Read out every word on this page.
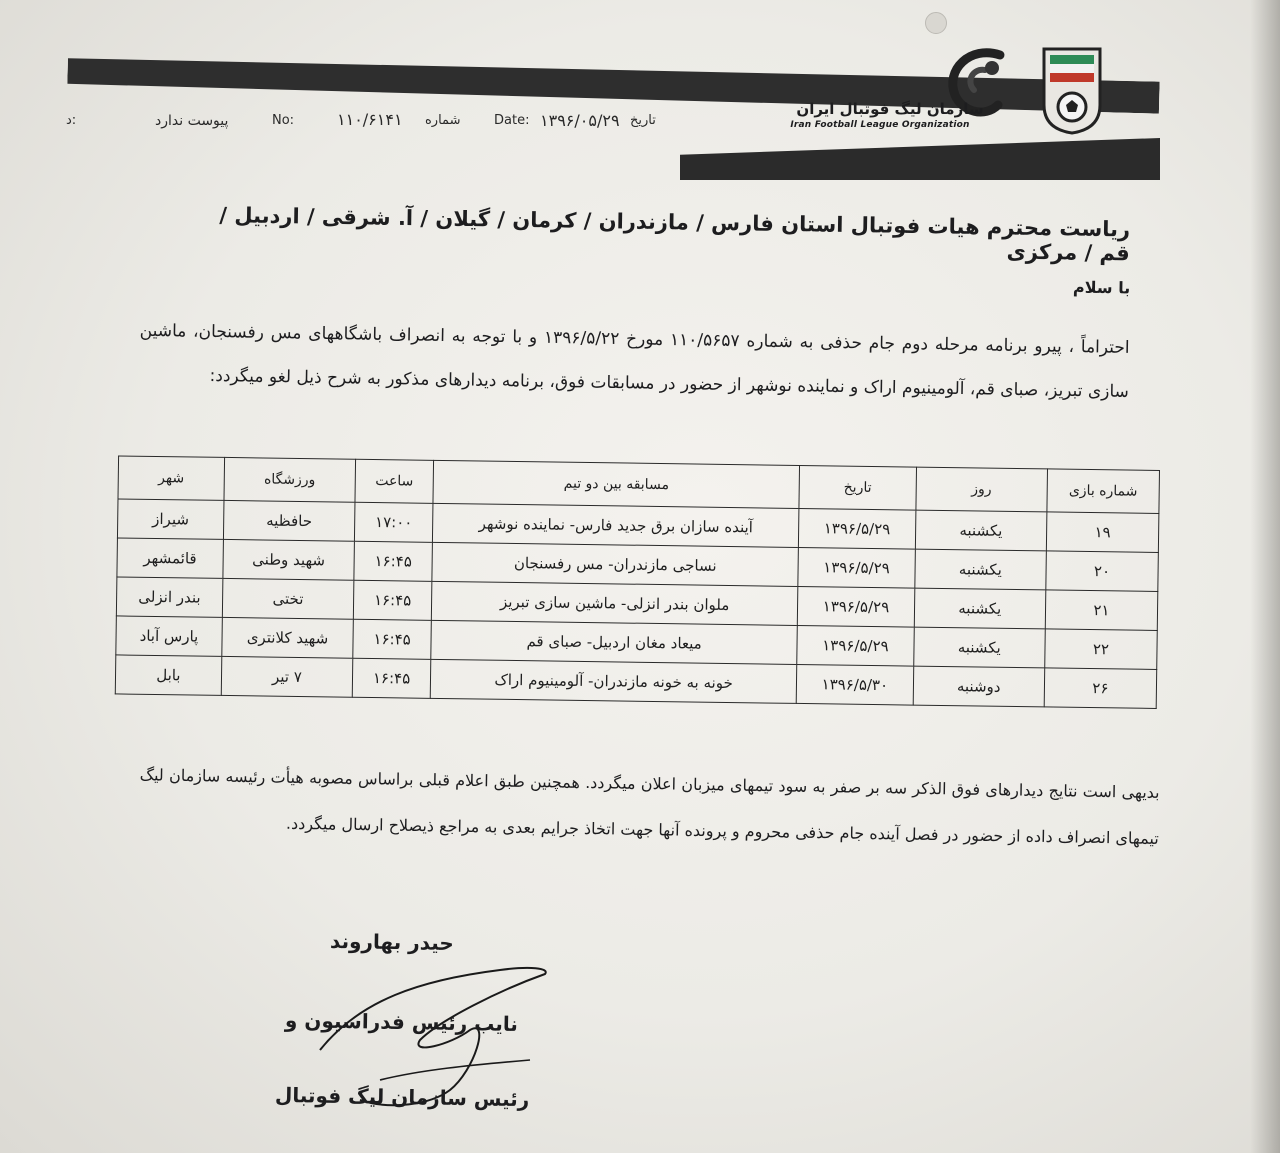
سازمان لیگ فوتبال ایران
Iran Football League Organization
تاریخ
۱۳۹۶/۰۵/۲۹
Date:
شماره
۱۱۰/۶۱۴۱
No:
پیوست ندارد
د:
ریاست محترم هیات فوتبال استان فارس / مازندران / کرمان / گیلان / آ. شرقی / اردبیل / قم / مرکزی
با سلام
احتراماً ، پیرو برنامه مرحله دوم جام حذفی به شماره ۱۱۰/۵۶۵۷ مورخ ۱۳۹۶/۵/۲۲ و با توجه به انصراف باشگاههای مس رفسنجان، ماشین سازی تبریز، صبای قم، آلومینیوم اراک و نماینده نوشهر از حضور در مسابقات فوق، برنامه دیدارهای مذکور به شرح ذیل لغو میگردد:
شماره بازی	روز	تاریخ	مسابقه بین دو تیم	ساعت	ورزشگاه	شهر
۱۹	یکشنبه	۱۳۹۶/۵/۲۹	آینده سازان برق جدید فارس- نماینده نوشهر	۱۷:۰۰	حافظیه	شیراز
۲۰	یکشنبه	۱۳۹۶/۵/۲۹	نساجی مازندران- مس رفسنجان	۱۶:۴۵	شهید وطنی	قائمشهر
۲۱	یکشنبه	۱۳۹۶/۵/۲۹	ملوان بندر انزلی- ماشین سازی تبریز	۱۶:۴۵	تختی	بندر انزلی
۲۲	یکشنبه	۱۳۹۶/۵/۲۹	میعاد مغان اردبیل- صبای قم	۱۶:۴۵	شهید کلانتری	پارس آباد
۲۶	دوشنبه	۱۳۹۶/۵/۳۰	خونه به خونه مازندران- آلومینیوم اراک	۱۶:۴۵	۷ تیر	بابل
بدیهی است نتایج دیدارهای فوق الذکر سه بر صفر به سود تیمهای میزبان اعلان میگردد. همچنین طبق اعلام قبلی براساس مصوبه هیأت رئیسه سازمان لیگ تیمهای انصراف داده از حضور در فصل آینده جام حذفی محروم و پرونده آنها جهت اتخاذ جرایم بعدی به مراجع ذیصلاح ارسال میگردد.
حیدر بهاروند
نایب رئیس فدراسیون و
رئیس سازمان لیگ فوتبال
